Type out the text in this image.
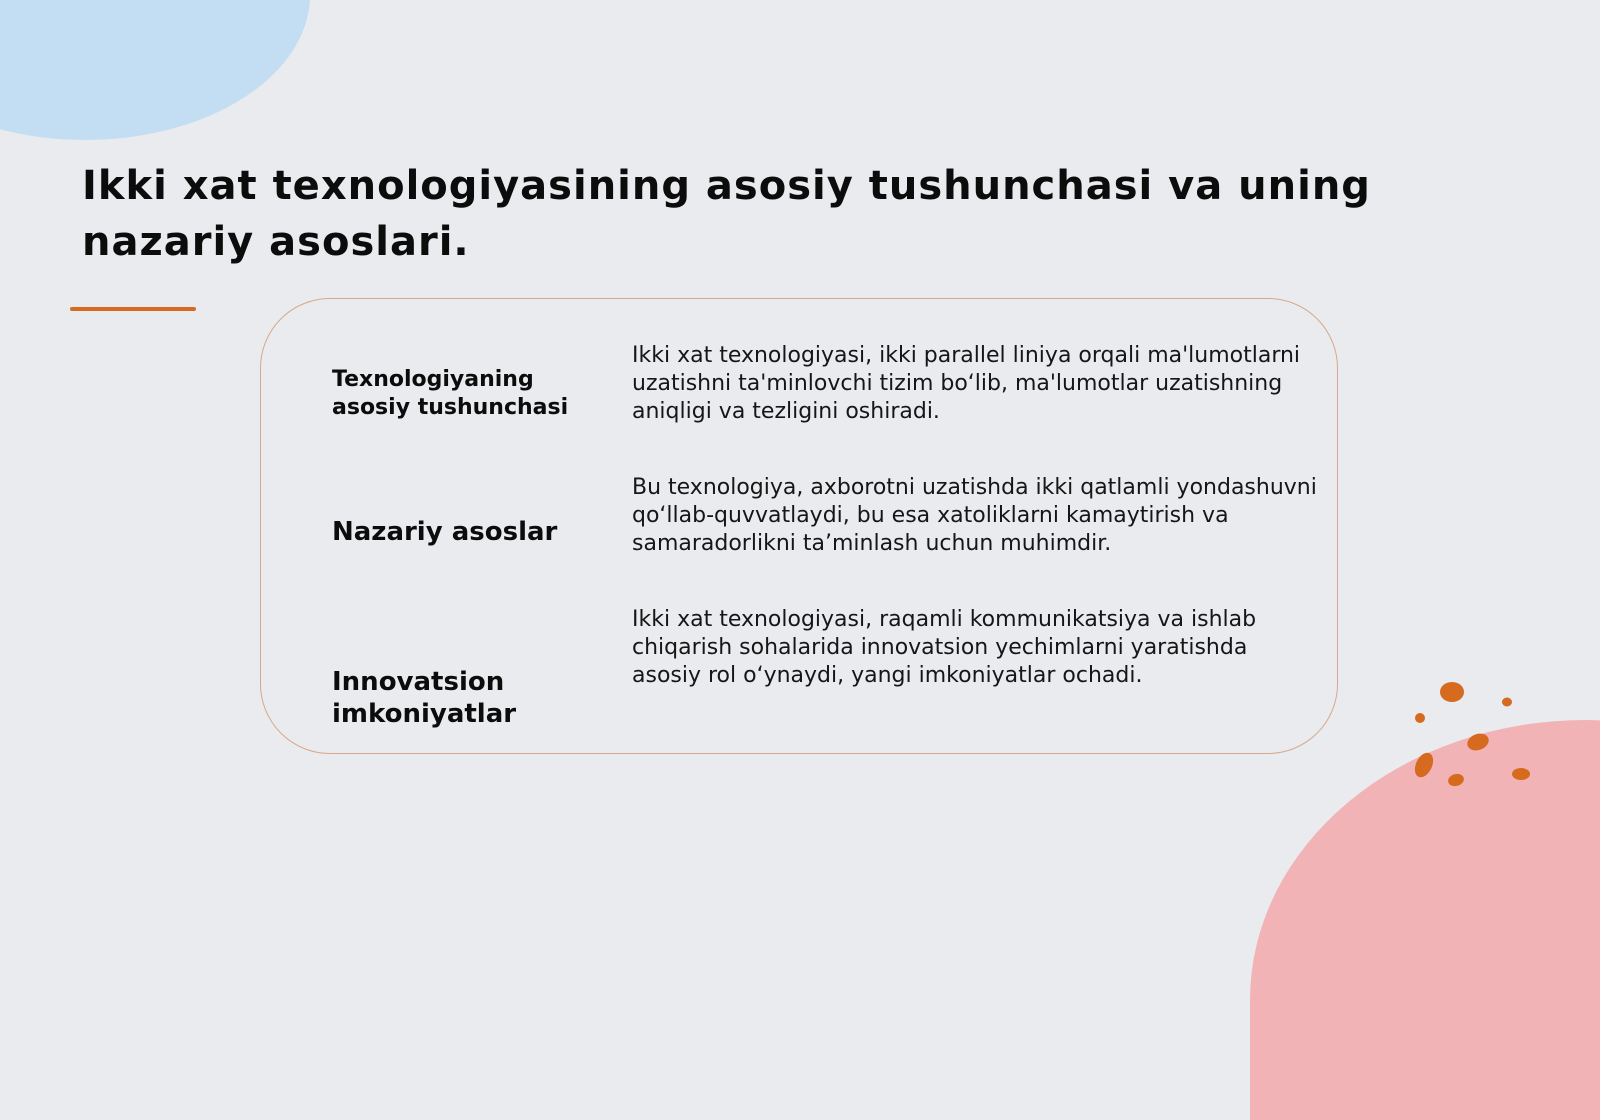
Ikki xat texnologiyasining asosiy tushunchasi va uning nazariy asoslari.

Texnologiyaning asosiy tushunchasi

Ikki xat texnologiyasi, ikki parallel liniya orqali ma'lumotlarni uzatishni ta'minlovchi tizim bo‘lib, ma'lumotlar uzatishning aniqligi va tezligini oshiradi.

Nazariy asoslar

Bu texnologiya, axborotni uzatishda ikki qatlamli yondashuvni qo‘llab-quvvatlaydi, bu esa xatoliklarni kamaytirish va samaradorlikni ta’minlash uchun muhimdir.

Innovatsion imkoniyatlar

Ikki xat texnologiyasi, raqamli kommunikatsiya va ishlab chiqarish sohalarida innovatsion yechimlarni yaratishda asosiy rol o‘ynaydi, yangi imkoniyatlar ochadi.
